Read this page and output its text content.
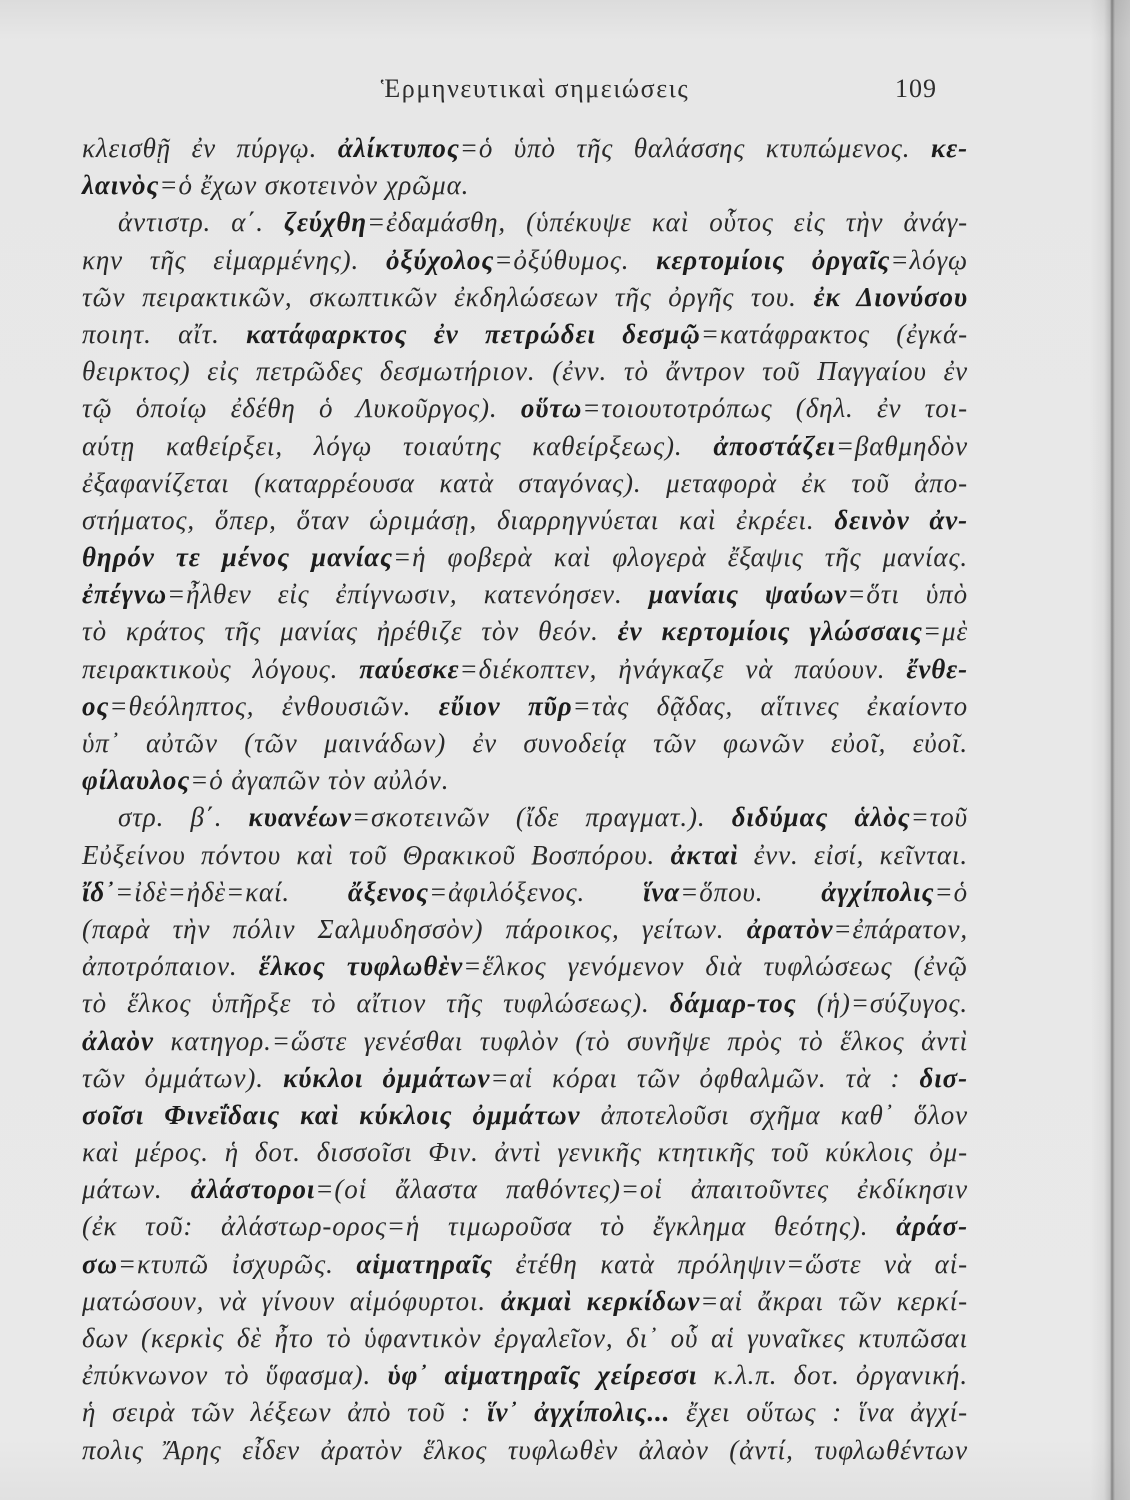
Ἑρμηνευτικαὶ σημειώσεις	109
κλεισθῇ ἐν πύργῳ. ἀλίκτυπος=ὁ ὑπὸ τῆς θαλάσσης κτυπώμενος. κε-
λαινὸς=ὁ ἔχων σκοτεινὸν χρῶμα.
ἀντιστρ. α΄. ζεύχθη=ἐδαμάσθη, (ὑπέκυψε καὶ οὗτος εἰς τὴν ἀνάγ-
κην τῆς εἱμαρμένης). ὀξύχολος=ὀξύθυμος. κερτομίοις ὀργαῖς=λόγῳ
τῶν πειρακτικῶν, σκωπτικῶν ἐκδηλώσεων τῆς ὀργῆς του. ἐκ Διονύσου
ποιητ. αἴτ. κατάφαρκτος ἐν πετρώδει δεσμῷ=κατάφρακτος (ἐγκά-
θειρκτος) εἰς πετρῶδες δεσμωτήριον. (ἐνν. τὸ ἄντρον τοῦ Παγγαίου ἐν
τῷ ὁποίῳ ἐδέθη ὁ Λυκοῦργος). οὕτω=τοιουτοτρόπως (δηλ. ἐν τοι-
αύτῃ καθείρξει, λόγῳ τοιαύτης καθείρξεως). ἀποστάζει=βαθμηδὸν
ἐξαφανίζεται (καταρρέουσα κατὰ σταγόνας). μεταφορὰ ἐκ τοῦ ἀπο-
στήματος, ὅπερ, ὅταν ὡριμάσῃ, διαρρηγνύεται καὶ ἐκρέει. δεινὸν ἀν-
θηρόν τε μένος μανίας=ἡ φοβερὰ καὶ φλογερὰ ἔξαψις τῆς μανίας.
ἐπέγνω=ἦλθεν εἰς ἐπίγνωσιν, κατενόησεν. μανίαις ψαύων=ὅτι ὑπὸ
τὸ κράτος τῆς μανίας ἠρέθιζε τὸν θεόν. ἐν κερτομίοις γλώσσαις=μὲ
πειρακτικοὺς λόγους. παύεσκε=διέκοπτεν, ἠνάγκαζε νὰ παύουν. ἔνθε-
ος=θεόληπτος, ἐνθουσιῶν. εὔιον πῦρ=τὰς δᾷδας, αἵτινες ἐκαίοντο
ὑπ᾿ αὐτῶν (τῶν μαινάδων) ἐν συνοδείᾳ τῶν φωνῶν εὐοῖ, εὐοῖ.
φίλαυλος=ὁ ἀγαπῶν τὸν αὐλόν.
στρ. β΄. κυανέων=σκοτεινῶν (ἴδε πραγματ.). διδύμας ἁλὸς=τοῦ
Εὐξείνου πόντου καὶ τοῦ Θρακικοῦ Βοσπόρου. ἀκταὶ ἐνν. εἰσί, κεῖνται.
ἴδ᾿=ἰδὲ=ἠδὲ=καί. ἄξενος=ἀφιλόξενος. ἵνα=ὅπου. ἀγχίπολις=ὁ
(παρὰ τὴν πόλιν Σαλμυδησσὸν) πάροικος, γείτων. ἀρατὸν=ἐπάρατον,
ἀποτρόπαιον. ἕλκος τυφλωθὲν=ἕλκος γενόμενον διὰ τυφλώσεως (ἐνῷ
τὸ ἕλκος ὑπῆρξε τὸ αἴτιον τῆς τυφλώσεως). δάμαρ-τος (ἡ)=σύζυγος.
ἀλαὸν κατηγορ.=ὥστε γενέσθαι τυφλὸν (τὸ συνῆψε πρὸς τὸ ἕλκος ἀντὶ
τῶν ὀμμάτων). κύκλοι ὀμμάτων=αἱ κόραι τῶν ὀφθαλμῶν. τὰ : δισ-
σοῖσι Φινεΐδαις καὶ κύκλοις ὀμμάτων ἀποτελοῦσι σχῆμα καθ᾿ ὅλον
καὶ μέρος. ἡ δοτ. δισσοῖσι Φιν. ἀντὶ γενικῆς κτητικῆς τοῦ κύκλοις ὀμ-
μάτων. ἀλάστοροι=(οἱ ἄλαστα παθόντες)=οἱ ἀπαιτοῦντες ἐκδίκησιν
(ἐκ τοῦ: ἀλάστωρ-ορος=ἡ τιμωροῦσα τὸ ἔγκλημα θεότης). ἀράσ-
σω=κτυπῶ ἰσχυρῶς. αἱματηραῖς ἐτέθη κατὰ πρόληψιν=ὥστε νὰ αἱ-
ματώσουν, νὰ γίνουν αἱμόφυρτοι. ἀκμαὶ κερκίδων=αἱ ἄκραι τῶν κερκί-
δων (κερκὶς δὲ ἦτο τὸ ὑφαντικὸν ἐργαλεῖον, δι᾿ οὗ αἱ γυναῖκες κτυπῶσαι
ἐπύκνωνον τὸ ὕφασμα). ὑφ᾿ αἱματηραῖς χείρεσσι κ.λ.π. δοτ. ὀργανική.
ἡ σειρὰ τῶν λέξεων ἀπὸ τοῦ : ἵν᾿ ἀγχίπολις... ἔχει οὕτως : ἵνα ἀγχί-
πολις Ἄρης εἶδεν ἀρατὸν ἕλκος τυφλωθὲν ἀλαὸν (ἀντί, τυφλωθέντων
